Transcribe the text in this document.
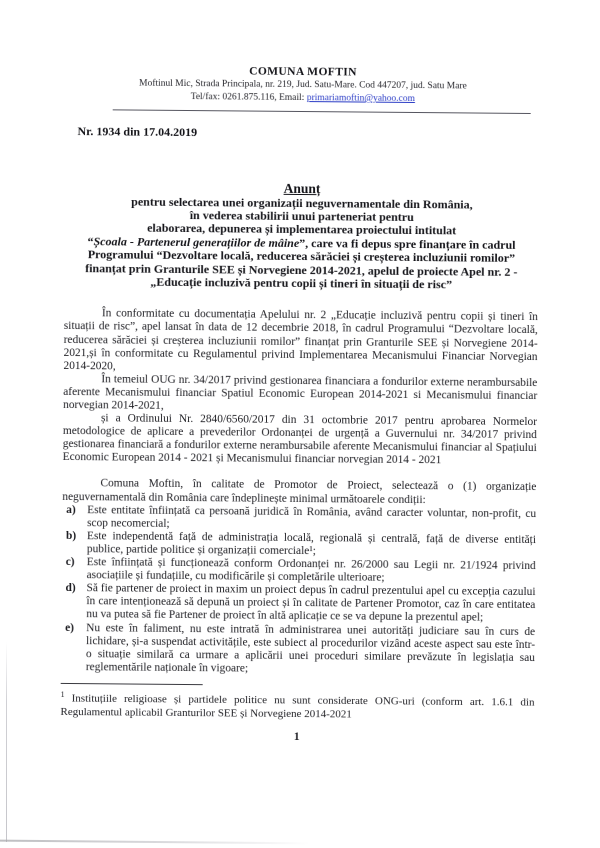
COMUNA MOFTIN
Moftinul Mic, Strada Principala, nr. 219, Jud. Satu-Mare. Cod 447207, jud. Satu Mare
Tel/fax: 0261.875.116, Email: primariamoftin@yahoo.com
Nr. 1934 din 17.04.2019
Anunț
pentru selectarea unei organizații neguvernamentale din România,
în vederea stabilirii unui parteneriat pentru
elaborarea, depunerea și implementarea proiectului intitulat
“Școala - Partenerul generațiilor de mâine”, care va fi depus spre finanțare în cadrul
Programului “Dezvoltare locală, reducerea sărăciei și creșterea incluziunii romilor”
finanțat prin Granturile SEE și Norvegiene 2014-2021, apelul de proiecte Apel nr. 2 -
„Educație incluzivă pentru copii și tineri în situații de risc”

În conformitate cu documentația Apelului nr. 2 „Educație incluzivă pentru copii și tineri în situații de risc”, apel lansat în data de 12 decembrie 2018, în cadrul Programului “Dezvoltare locală, reducerea sărăciei și creșterea incluziunii romilor” finanțat prin Granturile SEE și Norvegiene 2014-2021,și în conformitate cu Regulamentul privind Implementarea Mecanismului Financiar Norvegian 2014-2020,

În temeiul OUG nr. 34/2017 privind gestionarea financiara a fondurilor externe nerambursabile aferente Mecanismului financiar Spatiul Economic European 2014-2021 si Mecanismului financiar norvegian 2014-2021,

și a Ordinului Nr. 2840/6560/2017 din 31 octombrie 2017 pentru aprobarea Normelor metodologice de aplicare a prevederilor Ordonanței de urgență a Guvernului nr. 34/2017 privind gestionarea financiară a fondurilor externe nerambursabile aferente Mecanismului financiar al Spațiului Economic European 2014 - 2021 și Mecanismului financiar norvegian 2014 - 2021

Comuna Moftin, în calitate de Promotor de Proiect, selectează o (1) organizație neguvernamentală din România care îndeplinește minimal următoarele condiții:

a) Este entitate înființată ca persoană juridică în România, având caracter voluntar, non-profit, cu scop necomercial;
b) Este independentă față de administrația locală, regională și centrală, față de diverse entități publice, partide politice și organizații comerciale¹;
c) Este înființată și funcționează conform Ordonanței nr. 26/2000 sau Legii nr. 21/1924 privind asociațiile și fundațiile, cu modificările și completările ulterioare;
d) Să fie partener de proiect in maxim un proiect depus în cadrul prezentului apel cu excepția cazului în care intenționează să depună un proiect și în calitate de Partener Promotor, caz în care entitatea nu va putea să fie Partener de proiect în altă aplicație ce se va depune la prezentul apel;
e) Nu este în faliment, nu este intrată în administrarea unei autorități judiciare sau în curs de lichidare, și-a suspendat activitățile, este subiect al procedurilor vizând aceste aspect sau este într-o situație similară ca urmare a aplicării unei proceduri similare prevăzute în legislația sau reglementările naționale în vigoare;
$^1$ Instituțiile religioase și partidele politice nu sunt considerate ONG-uri (conform art. 1.6.1 din Regulamentul aplicabil Granturilor SEE și Norvegiene 2014-2021
1
